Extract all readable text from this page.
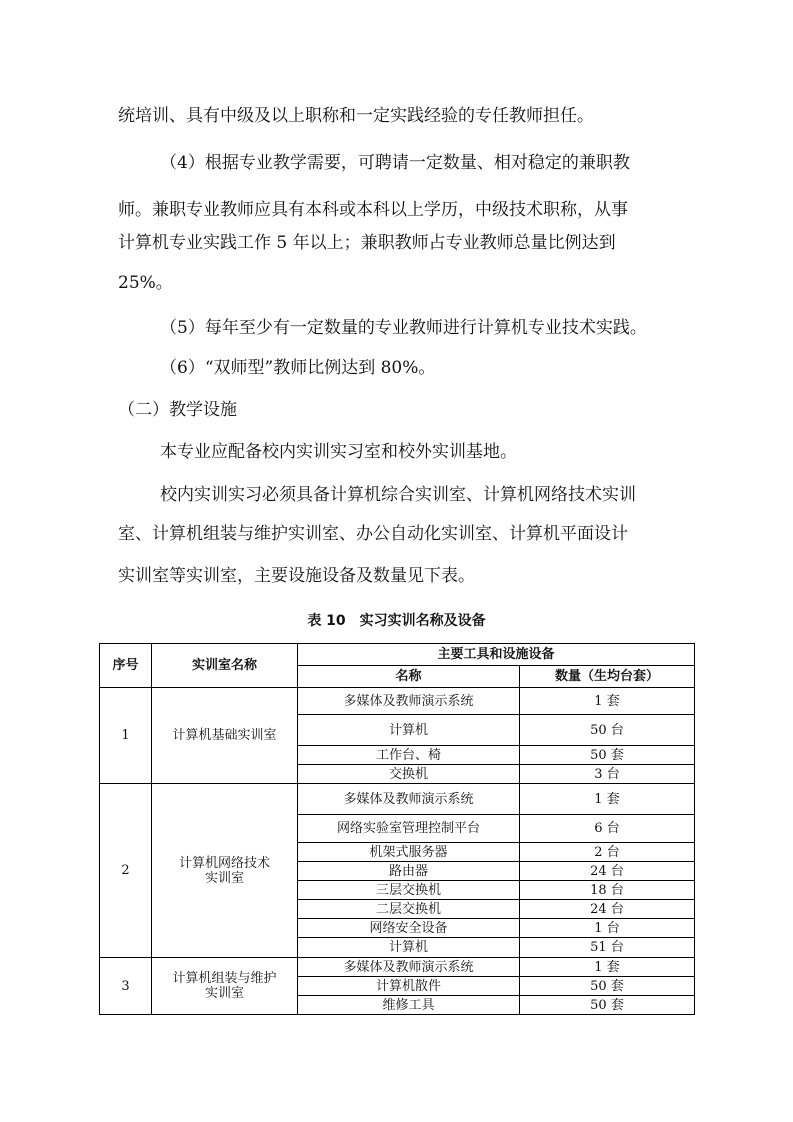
统培训、具有中级及以上职称和一定实践经验的专任教师担任。

（4）根据专业教学需要，可聘请一定数量、相对稳定的兼职教

师。兼职专业教师应具有本科或本科以上学历，中级技术职称，从事

计算机专业实践工作 5 年以上；兼职教师占专业教师总量比例达到

25%。

（5）每年至少有一定数量的专业教师进行计算机专业技术实践。

（6）“双师型”教师比例达到 80%。

（二）教学设施

本专业应配备校内实训实习室和校外实训基地。

校内实训实习必须具备计算机综合实训室、计算机网络技术实训

室、计算机组装与维护实训室、办公自动化实训室、计算机平面设计

实训室等实训室，主要设施设备及数量见下表。

表 10　实习实训名称及设备
序号	实训室名称	主要工具和设施设备	
		名称	数量（生均台套）
1	计算机基础实训室	多媒体及教师演示系统	1 套
		计算机	50 台
		工作台、椅	50 套
		交换机	3 台
2	计算机网络技术实训室	多媒体及教师演示系统	1 套
		网络实验室管理控制平台	6 台
		机架式服务器	2 台
		路由器	24 台
		三层交换机	18 台
		二层交换机	24 台
		网络安全设备	1 台
		计算机	51 台
3	计算机组装与维护实训室	多媒体及教师演示系统	1 套
		计算机散件	50 套
		维修工具	50 套
